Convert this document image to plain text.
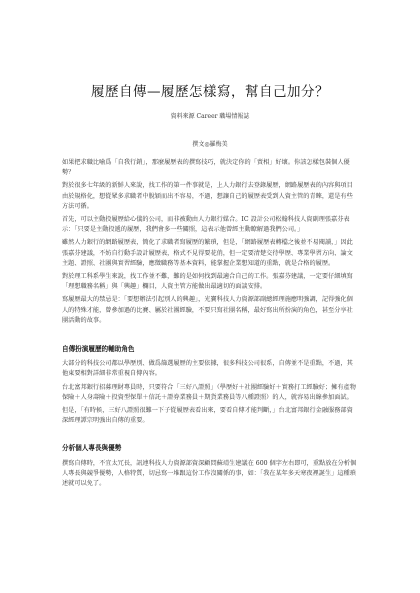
履歷自傳—履歷怎樣寫，幫自己加分？
資料來源 Career 職場情報誌
撰文◎羅梅美

如果把求職比喻爲「自我行銷」，那麼履歷表的撰寫技巧，就決定你的「賣相」好壞。你該怎樣包裝個人優勢？

對於很多七年級的新鮮人來說，找工作的第一件事就是，上人力銀行去登錄履歷，網路履歷表的內容與項目由於規格化，想從眾多求職者中脫穎而出不容易，不過，想讓自己的履歷表受到人資主管的青睞，還是有些方法可循。

首先，可以主動投履歷給心儀的公司，而非被動由人力銀行媒合。IC 設計公司松翰科技人資副理張嘉芬表示：「只要是主動投遞的履歷，我們會多一些關照，這表示他曾經主動瞭解過我們公司。」

雖然人力銀行的網路履歷表，簡化了求職者寫履歷的繁瑣，但是，「網路履歷表轉檔之後並不易閱讀，」因此張嘉芬建議，不妨自行動手設計履歷表，格式不見得要花俏，但一定要清楚交待學歷、專業學習方向、論文主題、證照、社團與實習經驗，應徵職務等基本資料，能掌握企業想知道的重點，就是合格的履歷。

對於理工科系學生來說，找工作並不難，難的是如何找到最適合自己的工作。張嘉芬建議，一定要仔細填寫「理想職務名稱」與「興趣」欄目，人資主管方能做出最適切的面談安排。

寫履歷最大的禁忌是：「要想辦法引起別人的興趣」，光寶科技人力資源部副總經理施應明強調，記得強化個人的特殊才能，曾參加過的比賽、屬於社團經驗，不要只寫社團名稱，最好寫出所扮演的角色，甚至分享社團活動的故事。

自傳扮演履歷的輔助角色

大部分的科技公司都以學歷別、做爲篩選履歷的主要依據，很多科技公司很系，自傳並不是重點，不過，其他東要相對詳細非常重視自傳內容。

台北富邦銀行招募理財專員時，只要符合「三好八證照」（學歷好＋社團經驗好＋實務打工經驗好；擁有產物保險＋人身壽險＋投資型保單＋信託＋證券業務員＋期貨業務員等八種證照）的人，就容易出線參加面試。

但是，「有時候，三好八證照很難一下子從履歷表看出來，要看自傳才能判斷，」台北富邦銀行金融服務部資深經理譚宗明強出自傳的重要。

分析個人專長與優勢

撰寫自傳時，不宜太冗長，訊連科技人力資源部資深顧問蘇靖生建議在 600 個字左右即可，重點放在分析個人專長與競爭優勢，人格特質，切忌寫一堆跟這份工作沒關係的事，如：「我在某年多天寒夜裡誕生」這種瑣述就可以免了。
